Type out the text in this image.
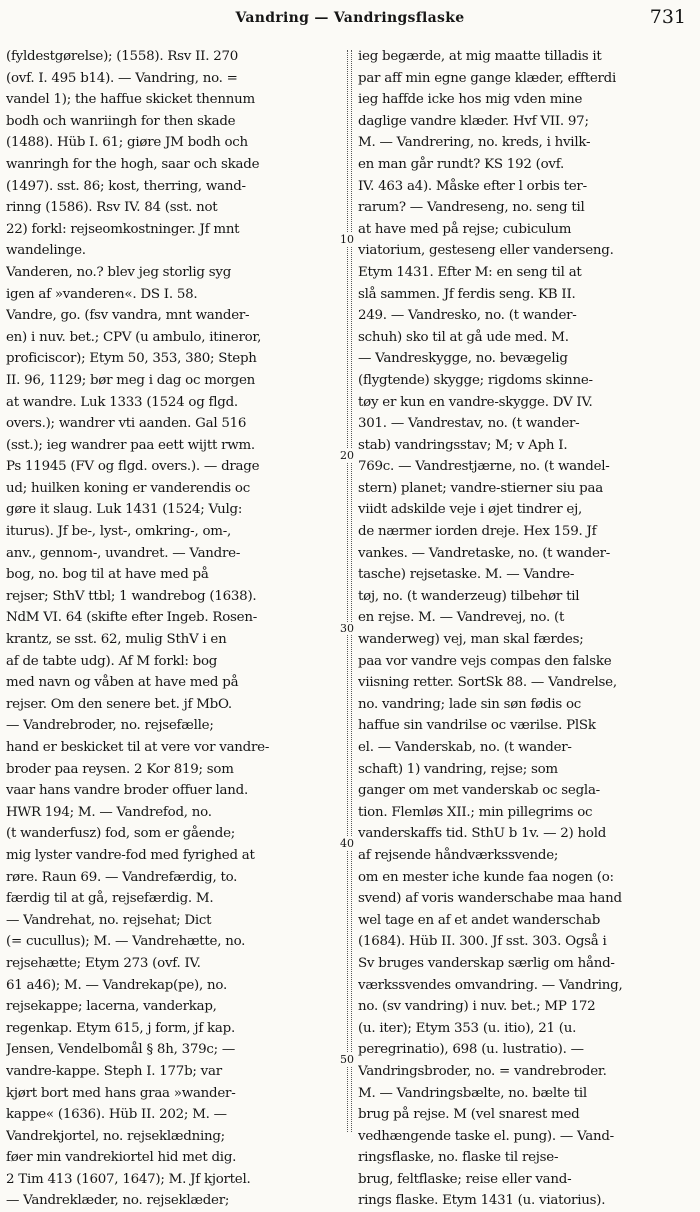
Vandring — Vandringsflaske	731
10
20
30
40
50
(fyldestgørelse); (1558). Rsv II. 270
(ovf. I. 495 b14). — Vandring, no. =
vandel 1); the haffue skicket thennum
bodh och wanriingh for then skade
(1488). Hüb I. 61; giøre JM bodh och
wanringh for the hogh, saar och skade
(1497). sst. 86; kost, therring, wand-
rinng (1586). Rsv IV. 84 (sst. not
22) forkl: rejseomkostninger. Jf mnt
wandelinge.
Vanderen, no.? blev jeg storlig syg
igen af »vanderen«. DS I. 58.
Vandre, go. (fsv vandra, mnt wander-
en) i nuv. bet.; CPV (u ambulo, itineror,
proficiscor); Etym 50, 353, 380; Steph
II. 96, 1129; bør meg i dag oc morgen
at wandre. Luk 1333 (1524 og flgd.
overs.); wandrer vti aanden. Gal 516
(sst.); ieg wandrer paa eett wijtt rwm.
Ps 11945 (FV og flgd. overs.). — drage
ud; huilken koning er vanderendis oc
gøre it slaug. Luk 1431 (1524; Vulg:
iturus). Jf be-, lyst-, omkring-, om-,
anv., gennom-, uvandret. — Vandre-
bog, no. bog til at have med på
rejser; SthV ttbl; 1 wandrebog (1638).
NdM VI. 64 (skifte efter Ingeb. Rosen-
krantz, se sst. 62, mulig SthV i en
af de tabte udg). Af M forkl: bog
med navn og våben at have med på
rejser. Om den senere bet. jf MbO.
— Vandrebroder, no. rejsefælle;
hand er beskicket til at vere vor vandre-
broder paa reysen. 2 Kor 819; som
vaar hans vandre broder offuer land.
HWR 194; M. — Vandrefod, no.
(t wanderfusz) fod, som er gående;
mig lyster vandre-fod med fyrighed at
røre. Raun 69. — Vandrefærdig, to.
færdig til at gå, rejsefærdig. M.
— Vandrehat, no. rejsehat; Dict
(= cucullus); M. — Vandrehætte, no.
rejsehætte; Etym 273 (ovf. IV.
61 a46); M. — Vandrekap(pe), no.
rejsekappe; lacerna, vanderkap,
regenkap. Etym 615, j form, jf kap.
Jensen, Vendelbomål § 8h, 379c; —
vandre-kappe. Steph I. 177b; var
kjørt bort med hans graa »wander-
kappe« (1636). Hüb II. 202; M. —
Vandrekjortel, no. rejseklædning;
føer min vandrekiortel hid met dig.
2 Tim 413 (1607, 1647); M. Jf kjortel.
— Vandreklæder, no. rejseklæder;
ieg begærde, at mig maatte tilladis it
par aff min egne gange klæder, effterdi
ieg haffde icke hos mig vden mine
daglige vandre klæder. Hvf VII. 97;
M. — Vandrering, no. kreds, i hvilk-
en man går rundt? KS 192 (ovf.
IV. 463 a4). Måske efter l orbis ter-
rarum? — Vandreseng, no. seng til
at have med på rejse; cubiculum
viatorium, gesteseng eller vanderseng.
Etym 1431. Efter M: en seng til at
slå sammen. Jf ferdis seng. KB II.
249. — Vandresko, no. (t wander-
schuh) sko til at gå ude med. M.
— Vandreskygge, no. bevægelig
(flygtende) skygge; rigdoms skinne-
tøy er kun en vandre-skygge. DV IV.
301. — Vandrestav, no. (t wander-
stab) vandringsstav; M; v Aph I.
769c. — Vandrestjærne, no. (t wandel-
stern) planet; vandre-stierner siu paa
viidt adskilde veje i øjet tindrer ej,
de nærmer iorden dreje. Hex 159. Jf
vankes. — Vandretaske, no. (t wander-
tasche) rejsetaske. M. — Vandre-
tøj, no. (t wanderzeug) tilbehør til
en rejse. M. — Vandrevej, no. (t
wanderweg) vej, man skal færdes;
paa vor vandre vejs compas den falske
viisning retter. SortSk 88. — Vandrelse,
no. vandring; lade sin søn fødis oc
haffue sin vandrilse oc værilse. PlSk
el. — Vanderskab, no. (t wander-
schaft) 1) vandring, rejse; som
ganger om met vanderskab oc segla-
tion. Flemløs XII.; min pillegrims oc
vanderskaffs tid. SthU b 1v. — 2) hold
af rejsende håndværkssvende;
om en mester iche kunde faa nogen (o:
svend) af voris wanderschabe maa hand
wel tage en af et andet wanderschab
(1684). Hüb II. 300. Jf sst. 303. Også i
Sv bruges vanderskap særlig om hånd-
værkssvendes omvandring. — Vandring,
no. (sv vandring) i nuv. bet.; MP 172
(u. iter); Etym 353 (u. itio), 21 (u.
peregrinatio), 698 (u. lustratio). —
Vandringsbroder, no. = vandrebroder.
M. — Vandringsbælte, no. bælte til
brug på rejse. M (vel snarest med
vedhængende taske el. pung). — Vand-
ringsflaske, no. flaske til rejse-
brug, feltflaske; reise eller vand-
rings flaske. Etym 1431 (u. viatorius).
